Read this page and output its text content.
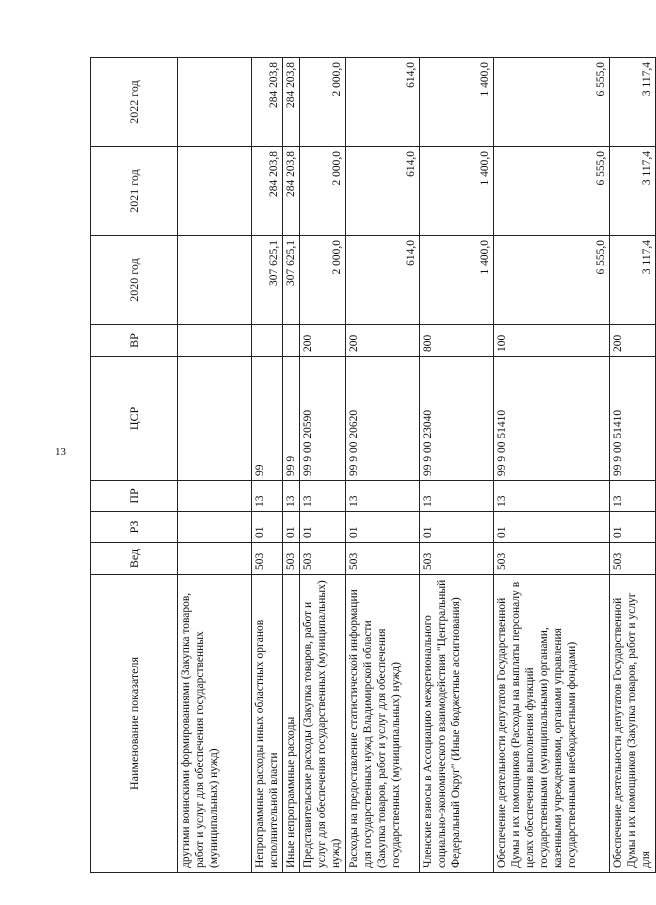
13
Наименование показателя	Вед	РЗ	ПР	ЦСР	ВР	2020 год	2021 год	2022 год
другими воинскими формированиями (Закупка товаров, работ и услуг для обеспечения государственных (муниципальных) нужд)								
Непрограммные расходы иных областных органов исполнительной власти	503	01	13	99		307 625,1	284 203,8	284 203,8
Иные непрограммные расходы	503	01	13	99 9		307 625,1	284 203,8	284 203,8
Представительские расходы (Закупка товаров, работ и услуг для обеспечения государственных (муниципальных) нужд)	503	01	13	99 9 00 20590	200	2 000,0	2 000,0	2 000,0
Расходы на предоставление статистической информации для государственных нужд Владимирской области (Закупка товаров, работ и услуг для обеспечения государственных (муниципальных) нужд)	503	01	13	99 9 00 20620	200	614,0	614,0	614,0
Членские взносы в Ассоциацию межрегионального социально-экономического взаимодействия "Центральный Федеральный Округ" (Иные бюджетные ассигнования)	503	01	13	99 9 00 23040	800	1 400,0	1 400,0	1 400,0
Обеспечение деятельности депутатов Государственной Думы и их помощников (Расходы на выплаты персоналу в целях обеспечения выполнения функций государственными (муниципальными) органами, казенными учреждениями, органами управления государственными внебюджетными фондами)	503	01	13	99 9 00 51410	100	6 555,0	6 555,0	6 555,0
Обеспечение деятельности депутатов Государственной Думы и их помощников (Закупка товаров, работ и услуг для	503	01	13	99 9 00 51410	200	3 117,4	3 117,4	3 117,4
